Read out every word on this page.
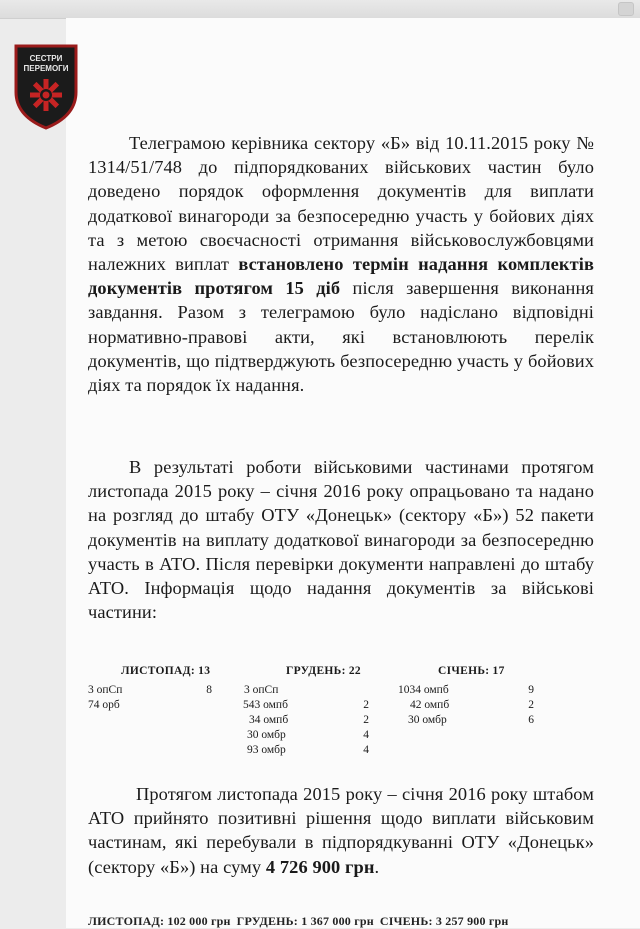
СЕСТРИ
ПЕРЕМОГИ

Телеграмою керівника сектору «Б» від 10.11.2015 року № 1314/51/748 до підпорядкованих військових частин було доведено порядок оформлення документів для виплати додаткової винагороди за безпосередню участь у бойових діях та з метою своєчасності отримання військовослужбовцями належних виплат встановлено термін надання комплектів документів протягом 15 діб після завершення виконання завдання. Разом з телеграмою було надіслано відповідні нормативно-правові акти, які встановлюють перелік документів, що підтверджують безпосередню участь у бойових діях та порядок їх надання.

В результаті роботи військовими частинами протягом листопада 2015 року – січня 2016 року опрацьовано та надано на розгляд до штабу ОТУ «Донецьк» (сектору «Б») 52 пакети документів на виплату додаткової винагороди за безпосередню участь в АТО. Після перевірки документи направлені до штабу АТО. Інформація щодо надання документів за військові частини:

ЛИСТОПАД: 13
3 опСп	8
74 орб
ГРУДЕНЬ: 22
3 опСп
543 омпб	2
34 омпб	2
30 омбр	4
93 омбр	4
СІЧЕНЬ: 17
1034 омпб	9
42 омпб	2
30 омбр	6

Протягом листопада 2015 року – січня 2016 року штабом АТО прийнято позитивні рішення щодо виплати військовим частинам, які перебували в підпорядкуванні ОТУ «Донецьк» (сектору «Б») на суму 4 726 900 грн.

ЛИСТОПАД: 102 000 грн ГРУДЕНЬ: 1 367 000 грн СІЧЕНЬ: 3 257 900 грн
